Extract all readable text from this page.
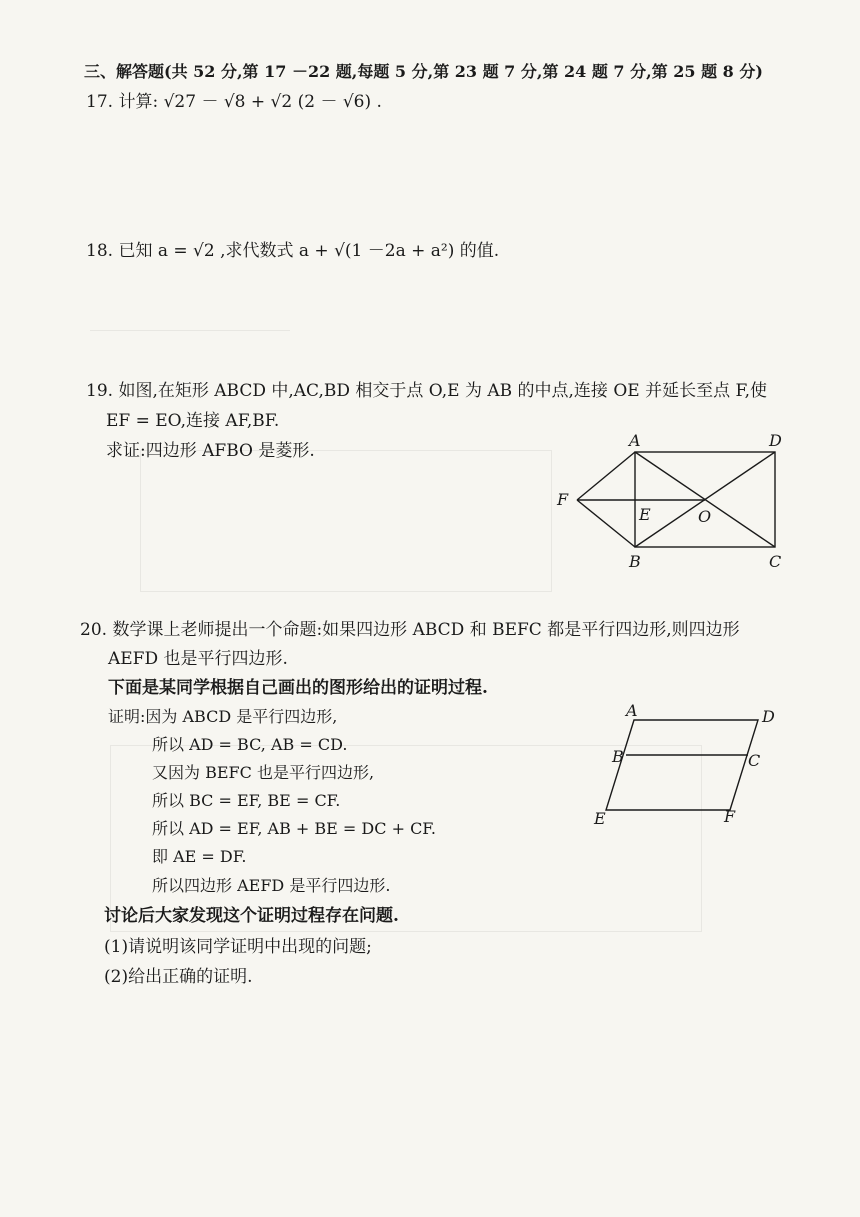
三、解答题(共 52 分,第 17 －22 题,每题 5 分,第 23 题 7 分,第 24 题 7 分,第 25 题 8 分)
17. 计算: √27 － √8 + √2 (2 － √6) .
18. 已知 a = √2 ,求代数式 a + √(1 －2a + a²) 的值.
19. 如图,在矩形 ABCD 中,AC,BD 相交于点 O,E 为 AB 的中点,连接 OE 并延长至点 F,使
EF = EO,连接 AF,BF.
求证:四边形 AFBO 是菱形.
A	D
B	C
F
E	O
20. 数学课上老师提出一个命题:如果四边形 ABCD 和 BEFC 都是平行四边形,则四边形
AEFD 也是平行四边形.
下面是某同学根据自己画出的图形给出的证明过程.
证明:因为 ABCD 是平行四边形,
所以 AD = BC, AB = CD.
又因为 BEFC 也是平行四边形,
所以 BC = EF, BE = CF.
所以 AD = EF, AB + BE = DC + CF.
即 AE = DF.
所以四边形 AEFD 是平行四边形.
讨论后大家发现这个证明过程存在问题.
(1)请说明该同学证明中出现的问题;
(2)给出正确的证明.
A	D
B	C
E	F
